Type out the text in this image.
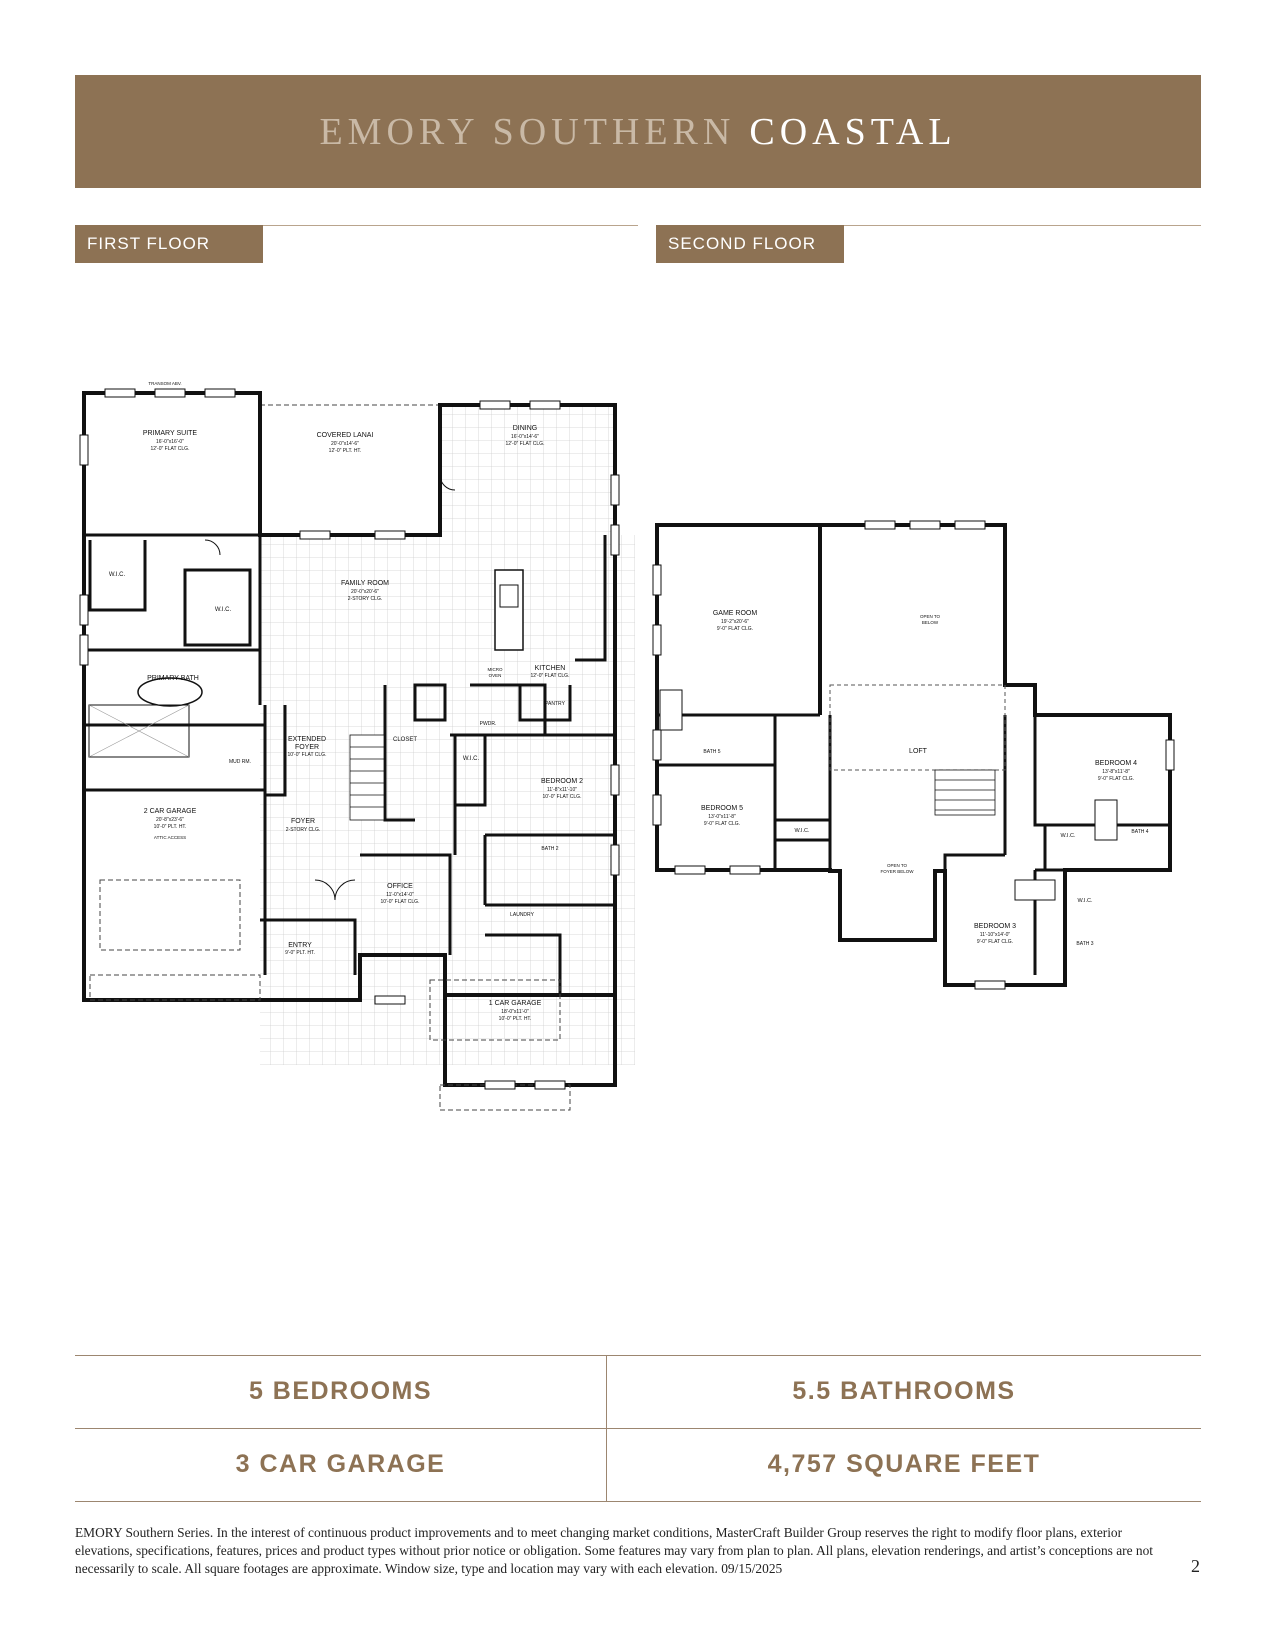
EMORY SOUTHERN COASTAL
FIRST FLOOR	SECOND FLOOR
PRIMARY SUITE
16'-0"x16'-0"
12'-0" FLAT CLG.
COVERED LANAI
20'-0"x14'-6"
12'-0" PLT. HT.
DINING
16'-0"x14'-6"
12'-0" FLAT CLG.
FAMILY ROOM
20'-0"x20'-6"
2-STORY CLG.
KITCHEN
12'-0" FLAT CLG.
W.I.C.
W.I.C.
PRIMARY BATH
MUD RM.
EXTENDED
FOYER
10'-0" FLAT CLG.
CLOSET
PWDR.
PANTRY
MICRO
OVEN
W.I.C.
BEDROOM 2
11'-8"x11'-10"
10'-0" FLAT CLG.
2 CAR GARAGE
20'-8"x23'-6"
10'-0" PLT. HT.
ATTIC ACCESS
FOYER
2-STORY CLG.
BATH 2
OFFICE
11'-0"x14'-0"
10'-0" FLAT CLG.
LAUNDRY
ENTRY
9'-0" PLT. HT.
1 CAR GARAGE
18'-0"x11'-0"
10'-0" PLT. HT.
TRANSOM ABV.
GAME ROOM
19'-2"x20'-6"
9'-0" FLAT CLG.
OPEN TO
BELOW
LOFT
BATH 5
BEDROOM 5
13'-0"x11'-8"
9'-0" FLAT CLG.
W.I.C.
BEDROOM 4
13'-8"x11'-8"
9'-0" FLAT CLG.
W.I.C.
BATH 4
BEDROOM 3
11'-10"x14'-0"
9'-0" FLAT CLG.
W.I.C.
BATH 3
OPEN TO
FOYER BELOW
5 BEDROOMS	5.5 BATHROOMS
3 CAR GARAGE	4,757 SQUARE FEET
EMORY Southern Series. In the interest of continuous product improvements and to meet changing market conditions, MasterCraft Builder Group reserves the right to modify floor plans, exterior elevations, specifications, features, prices and product types without prior notice or obligation. Some features may vary from plan to plan. All plans, elevation renderings, and artist’s conceptions are not necessarily to scale. All square footages are approximate. Window size, type and location may vary with each elevation. 09/15/2025	2
